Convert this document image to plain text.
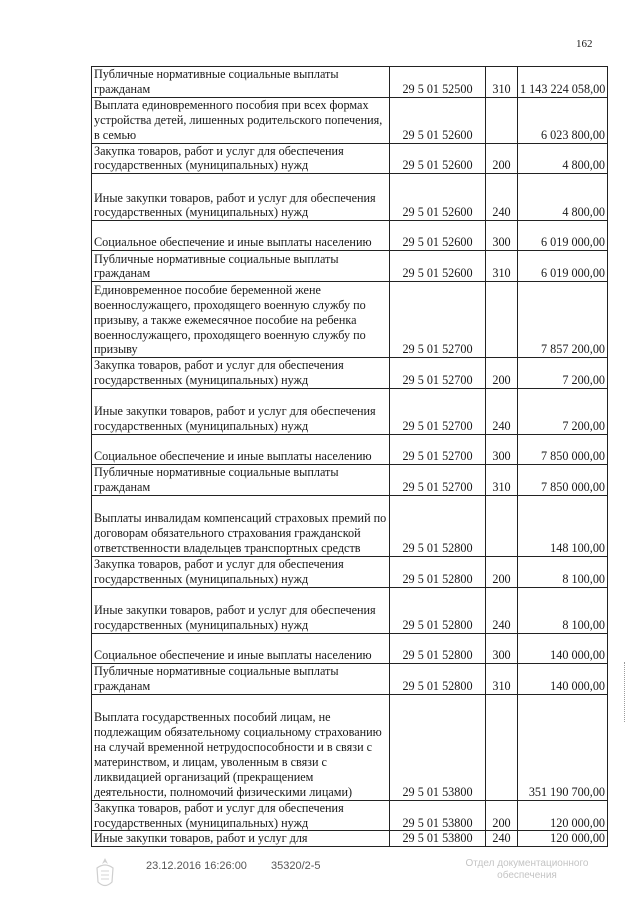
162
Публичные нормативные социальные выплаты гражданам	29 5 01 52500	310	1 143 224 058,00
Выплата единовременного пособия при всех формах устройства детей, лишенных родительского попечения, в семью	29 5 01 52600		6 023 800,00
Закупка товаров, работ и услуг для обеспечения государственных (муниципальных) нужд	29 5 01 52600	200	4 800,00
Иные закупки товаров, работ и услуг для обеспечения государственных (муниципальных) нужд	29 5 01 52600	240	4 800,00
Социальное обеспечение и иные выплаты населению	29 5 01 52600	300	6 019 000,00
Публичные нормативные социальные выплаты гражданам	29 5 01 52600	310	6 019 000,00
Единовременное пособие беременной жене военнослужащего, проходящего военную службу по призыву, а также ежемесячное пособие на ребенка военнослужащего, проходящего военную службу по призыву	29 5 01 52700		7 857 200,00
Закупка товаров, работ и услуг для обеспечения государственных (муниципальных) нужд	29 5 01 52700	200	7 200,00
Иные закупки товаров, работ и услуг для обеспечения государственных (муниципальных) нужд	29 5 01 52700	240	7 200,00
Социальное обеспечение и иные выплаты населению	29 5 01 52700	300	7 850 000,00
Публичные нормативные социальные выплаты гражданам	29 5 01 52700	310	7 850 000,00
Выплаты инвалидам компенсаций страховых премий по договорам обязательного страхования гражданской ответственности владельцев транспортных средств	29 5 01 52800		148 100,00
Закупка товаров, работ и услуг для обеспечения государственных (муниципальных) нужд	29 5 01 52800	200	8 100,00
Иные закупки товаров, работ и услуг для обеспечения государственных (муниципальных) нужд	29 5 01 52800	240	8 100,00
Социальное обеспечение и иные выплаты населению	29 5 01 52800	300	140 000,00
Публичные нормативные социальные выплаты гражданам	29 5 01 52800	310	140 000,00
Выплата государственных пособий лицам, не подлежащим обязательному социальному страхованию на случай временной нетрудоспособности и в связи с материнством, и лицам, уволенным в связи с ликвидацией организаций (прекращением деятельности, полномочий физическими лицами)	29 5 01 53800		351 190 700,00
Закупка товаров, работ и услуг для обеспечения государственных (муниципальных) нужд	29 5 01 53800	200	120 000,00
Иные закупки товаров, работ и услуг для	29 5 01 53800	240	120 000,00
23.12.2016 16:26:00 35320/2-5	Отдел документационного обеспечения
